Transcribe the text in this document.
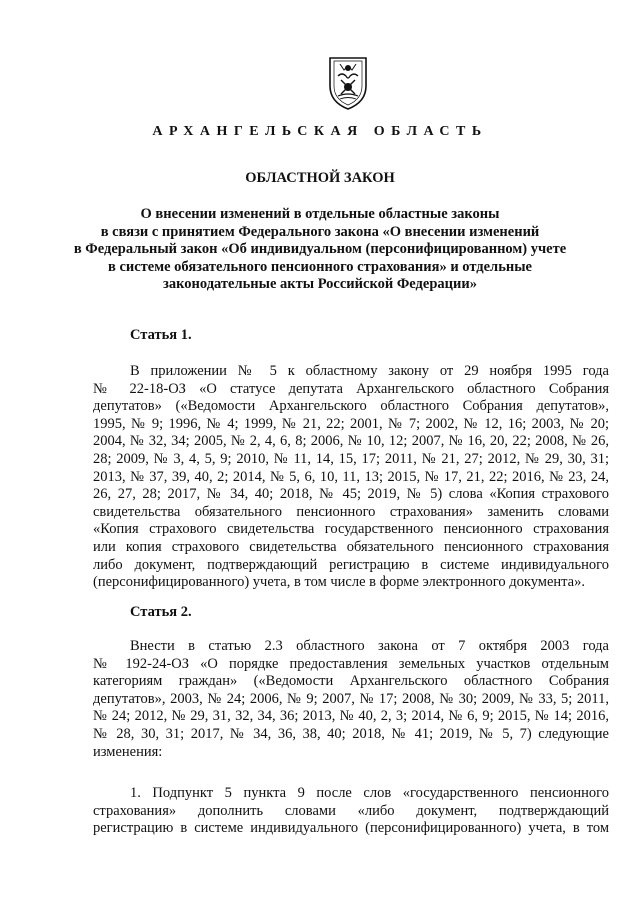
АРХАНГЕЛЬСКАЯ ОБЛАСТЬ
ОБЛАСТНОЙ ЗАКОН
О внесении изменений в отдельные областные законы
в связи с принятием Федерального закона «О внесении изменений
в Федеральный закон «Об индивидуальном (персонифицированном) учете
в системе обязательного пенсионного страхования» и отдельные
законодательные акты Российской Федерации»
Статья 1.
В приложении № 5 к областному закону от 29 ноября 1995 года
№ 22-18-ОЗ «О статусе депутата Архангельского областного Собрания
депутатов» («Ведомости Архангельского областного Собрания депутатов»,
1995, № 9; 1996, № 4; 1999, № 21, 22; 2001, № 7; 2002, № 12, 16; 2003, № 20;
2004, № 32, 34; 2005, № 2, 4, 6, 8; 2006, № 10, 12; 2007, № 16, 20, 22; 2008, № 26,
28; 2009, № 3, 4, 5, 9; 2010, № 11, 14, 15, 17; 2011, № 21, 27; 2012, № 29, 30, 31;
2013, № 37, 39, 40, 2; 2014, № 5, 6, 10, 11, 13; 2015, № 17, 21, 22; 2016, № 23, 24,
26, 27, 28; 2017, № 34, 40; 2018, № 45; 2019, № 5) слова «Копия страхового
свидетельства обязательного пенсионного страхования» заменить словами
«Копия страхового свидетельства государственного пенсионного страхования
или копия страхового свидетельства обязательного пенсионного страхования
либо документ, подтверждающий регистрацию в системе индивидуального
(персонифицированного) учета, в том числе в форме электронного документа».
Статья 2.
Внести в статью 2.3 областного закона от 7 октября 2003 года
№ 192-24-ОЗ «О порядке предоставления земельных участков отдельным
категориям граждан» («Ведомости Архангельского областного Собрания
депутатов», 2003, № 24; 2006, № 9; 2007, № 17; 2008, № 30; 2009, № 33, 5; 2011,
№ 24; 2012, № 29, 31, 32, 34, 36; 2013, № 40, 2, 3; 2014, № 6, 9; 2015, № 14; 2016,
№ 28, 30, 31; 2017, № 34, 36, 38, 40; 2018, № 41; 2019, № 5, 7) следующие
изменения:
1. Подпункт 5 пункта 9 после слов «государственного пенсионного
страхования» дополнить словами «либо документ, подтверждающий
регистрацию в системе индивидуального (персонифицированного) учета, в том
